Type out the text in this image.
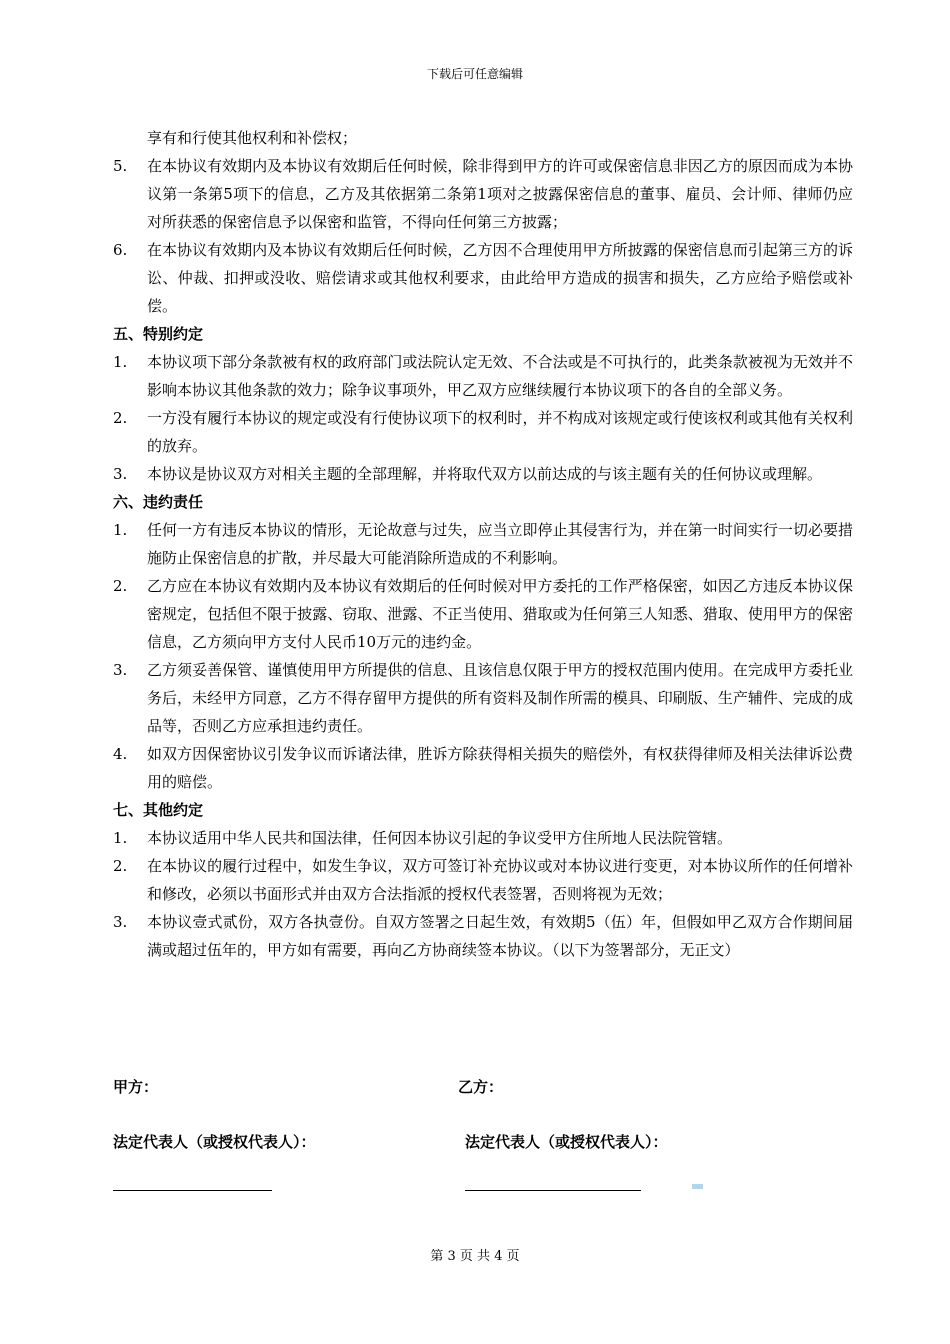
下载后可任意编辑
享有和行使其他权利和补偿权；
5.	在本协议有效期内及本协议有效期后任何时候，除非得到甲方的许可或保密信息非因乙方的原因而成为本协议第一条第5项下的信息，乙方及其依据第二条第1项对之披露保密信息的董事、雇员、会计师、律师仍应对所获悉的保密信息予以保密和监管，不得向任何第三方披露；
6.	在本协议有效期内及本协议有效期后任何时候，乙方因不合理使用甲方所披露的保密信息而引起第三方的诉讼、仲裁、扣押或没收、赔偿请求或其他权利要求，由此给甲方造成的损害和损失，乙方应给予赔偿或补偿。
五、特别约定
1.	本协议项下部分条款被有权的政府部门或法院认定无效、不合法或是不可执行的，此类条款被视为无效并不影响本协议其他条款的效力；除争议事项外，甲乙双方应继续履行本协议项下的各自的全部义务。
2.	一方没有履行本协议的规定或没有行使协议项下的权利时，并不构成对该规定或行使该权利或其他有关权利的放弃。
3.	本协议是协议双方对相关主题的全部理解，并将取代双方以前达成的与该主题有关的任何协议或理解。
六、违约责任
1.	任何一方有违反本协议的情形，无论故意与过失，应当立即停止其侵害行为，并在第一时间实行一切必要措施防止保密信息的扩散，并尽最大可能消除所造成的不利影响。
2.	乙方应在本协议有效期内及本协议有效期后的任何时候对甲方委托的工作严格保密，如因乙方违反本协议保密规定，包括但不限于披露、窃取、泄露、不正当使用、猎取或为任何第三人知悉、猎取、使用甲方的保密信息，乙方须向甲方支付人民币10万元的违约金。
3.	乙方须妥善保管、谨慎使用甲方所提供的信息、且该信息仅限于甲方的授权范围内使用。在完成甲方委托业务后，未经甲方同意，乙方不得存留甲方提供的所有资料及制作所需的模具、印刷版、生产辅件、完成的成品等，否则乙方应承担违约责任。
4.	如双方因保密协议引发争议而诉诸法律，胜诉方除获得相关损失的赔偿外，有权获得律师及相关法律诉讼费用的赔偿。
七、其他约定
1.	本协议适用中华人民共和国法律，任何因本协议引起的争议受甲方住所地人民法院管辖。
2.	在本协议的履行过程中，如发生争议，双方可签订补充协议或对本协议进行变更，对本协议所作的任何增补和修改，必须以书面形式并由双方合法指派的授权代表签署，否则将视为无效；
3.	本协议壹式贰份，双方各执壹份。自双方签署之日起生效，有效期5（伍）年，但假如甲乙双方合作期间届满或超过伍年的，甲方如有需要，再向乙方协商续签本协议。（以下为签署部分，无正文）
甲方：	乙方：
法定代表人（或授权代表人）：	法定代表人（或授权代表人）：
第 3 页 共 4 页
